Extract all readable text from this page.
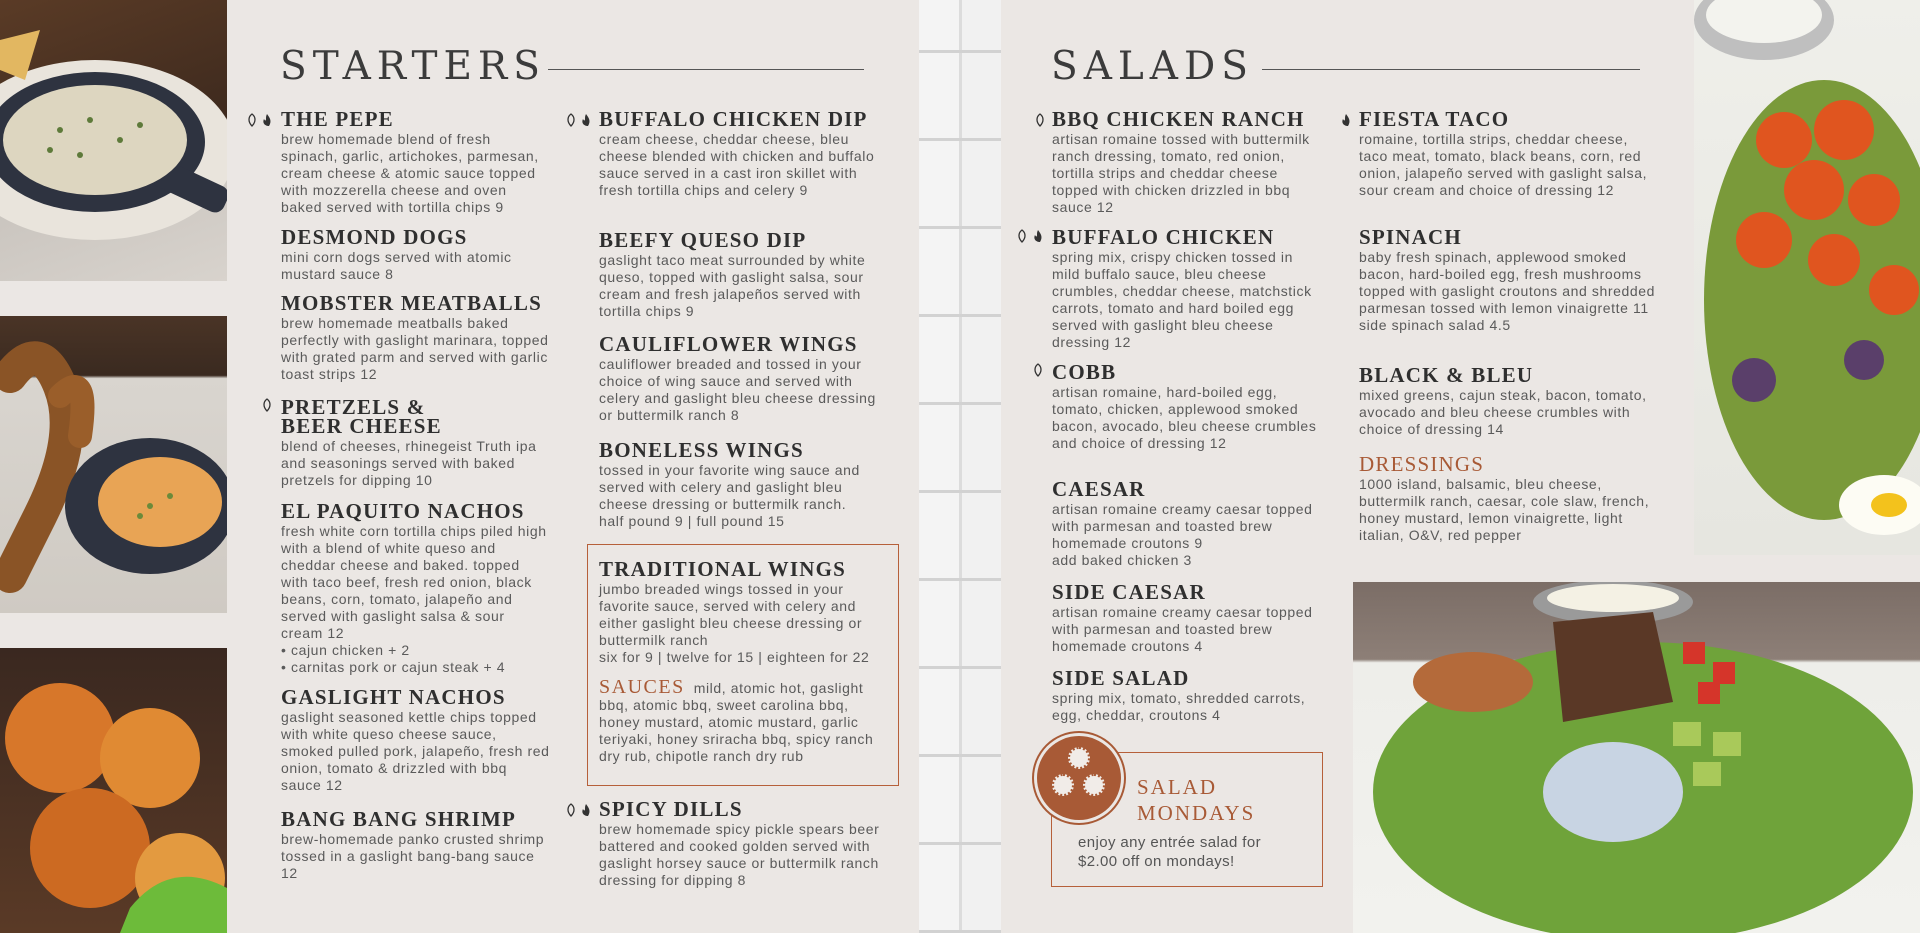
STARTERS
THE PEPE

brew homemade blend of fresh spinach, garlic, artichokes, parmesan, cream cheese & atomic sauce topped with mozzerella cheese and oven baked served with tortilla chips 9

DESMOND DOGS

mini corn dogs served with atomic mustard sauce 8

MOBSTER MEATBALLS

brew homemade meatballs baked perfectly with gaslight marinara, topped with grated parm and served with garlic toast strips 12

PRETZELS &
BEER CHEESE

blend of cheeses, rhinegeist Truth ipa and seasonings served with baked pretzels for dipping 10

EL PAQUITO NACHOS

fresh white corn tortilla chips piled high with a blend of white queso and cheddar cheese and baked. topped with taco beef, fresh red onion, black beans, corn, tomato, jalapeño and served with gaslight salsa & sour cream 12

• cajun chicken + 2

• carnitas pork or cajun steak + 4

GASLIGHT NACHOS

gaslight seasoned kettle chips topped with white queso cheese sauce, smoked pulled pork, jalapeño, fresh red onion, tomato & drizzled with bbq sauce 12

BANG BANG SHRIMP

brew-homemade panko crusted shrimp tossed in a gaslight bang-bang sauce 12

BUFFALO CHICKEN DIP

cream cheese, cheddar cheese, bleu cheese blended with chicken and buffalo sauce served in a cast iron skillet with fresh tortilla chips and celery 9

BEEFY QUESO DIP

gaslight taco meat surrounded by white queso, topped with gaslight salsa, sour cream and fresh jalapeños served with tortilla chips 9

CAULIFLOWER WINGS

cauliflower breaded and tossed in your choice of wing sauce and served with celery and gaslight bleu cheese dressing or buttermilk ranch 8

BONELESS WINGS

tossed in your favorite wing sauce and served with celery and gaslight bleu cheese dressing or buttermilk ranch.

half pound 9 | full pound 15

TRADITIONAL WINGS

jumbo breaded wings tossed in your favorite sauce, served with celery and either gaslight bleu cheese dressing or buttermilk ranch

six for 9 | twelve for 15 | eighteen for 22

SAUCES mild, atomic hot, gaslight bbq, atomic bbq, sweet carolina bbq, honey mustard, atomic mustard, garlic teriyaki, honey sriracha bbq, spicy ranch dry rub, chipotle ranch dry rub

SPICY DILLS

brew homemade spicy pickle spears beer battered and cooked golden served with gaslight horsey sauce or buttermilk ranch dressing for dipping 8

SALADS
BBQ CHICKEN RANCH

artisan romaine tossed with buttermilk ranch dressing, tomato, red onion, tortilla strips and cheddar cheese topped with chicken drizzled in bbq sauce 12

BUFFALO CHICKEN

spring mix, crispy chicken tossed in mild buffalo sauce, bleu cheese crumbles, cheddar cheese, matchstick carrots, tomato and hard boiled egg served with gaslight bleu cheese dressing 12

COBB

artisan romaine, hard-boiled egg, tomato, chicken, applewood smoked bacon, avocado, bleu cheese crumbles and choice of dressing 12

CAESAR

artisan romaine creamy caesar topped with parmesan and toasted brew homemade croutons 9

add baked chicken 3

SIDE CAESAR

artisan romaine creamy caesar topped with parmesan and toasted brew homemade croutons 4

SIDE SALAD

spring mix, tomato, shredded carrots, egg, cheddar, croutons 4

FIESTA TACO

romaine, tortilla strips, cheddar cheese, taco meat, tomato, black beans, corn, red onion, jalapeño served with gaslight salsa, sour cream and choice of dressing 12

SPINACH

baby fresh spinach, applewood smoked bacon, hard-boiled egg, fresh mushrooms topped with gaslight croutons and shredded parmesan tossed with lemon vinaigrette 11

side spinach salad 4.5

BLACK & BLEU

mixed greens, cajun steak, bacon, tomato, avocado and bleu cheese crumbles with choice of dressing 14

DRESSINGS

1000 island, balsamic, bleu cheese, buttermilk ranch, caesar, cole slaw, french, honey mustard, lemon vinaigrette, light italian, O&V, red pepper

SALAD
MONDAYS
enjoy any entrée salad for $2.00 off on mondays!
